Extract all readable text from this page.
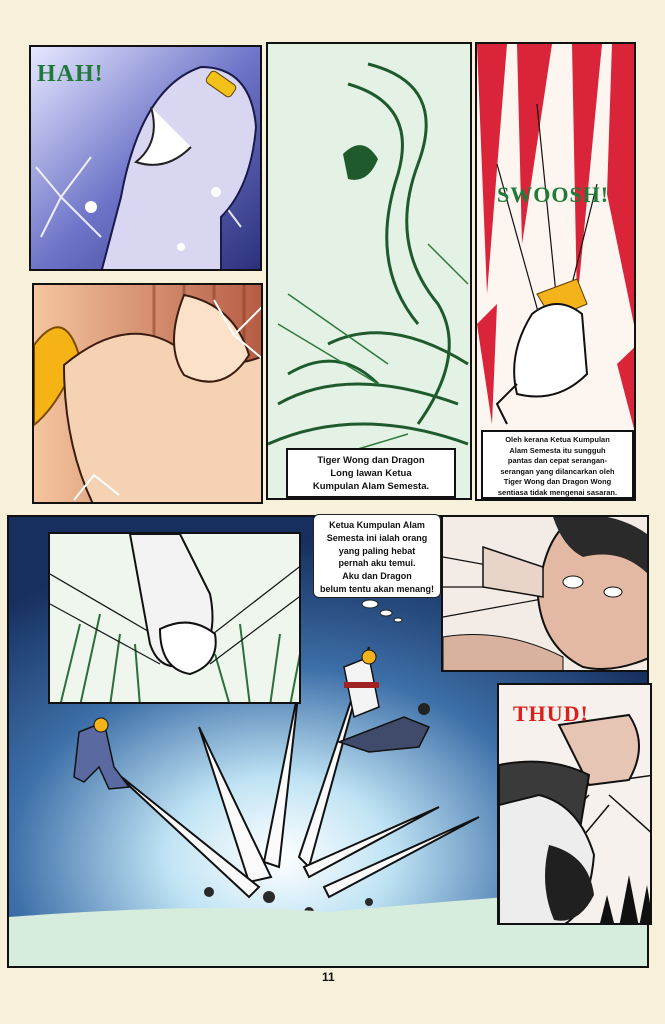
HAH!
Tiger Wong dan Dragon
Long lawan Ketua
Kumpulan Alam Semesta.
SWOOSH!
Oleh kerana Ketua Kumpulan
Alam Semesta itu sungguh
pantas dan cepat serangan-
serangan yang dilancarkan oleh
Tiger Wong dan Dragon Wong
sentiasa tidak mengenai sasaran.
Ketua Kumpulan Alam
Semesta ini ialah orang
yang paling hebat
pernah aku temui.
Aku dan Dragon
belum tentu akan menang!
THUD!
11
